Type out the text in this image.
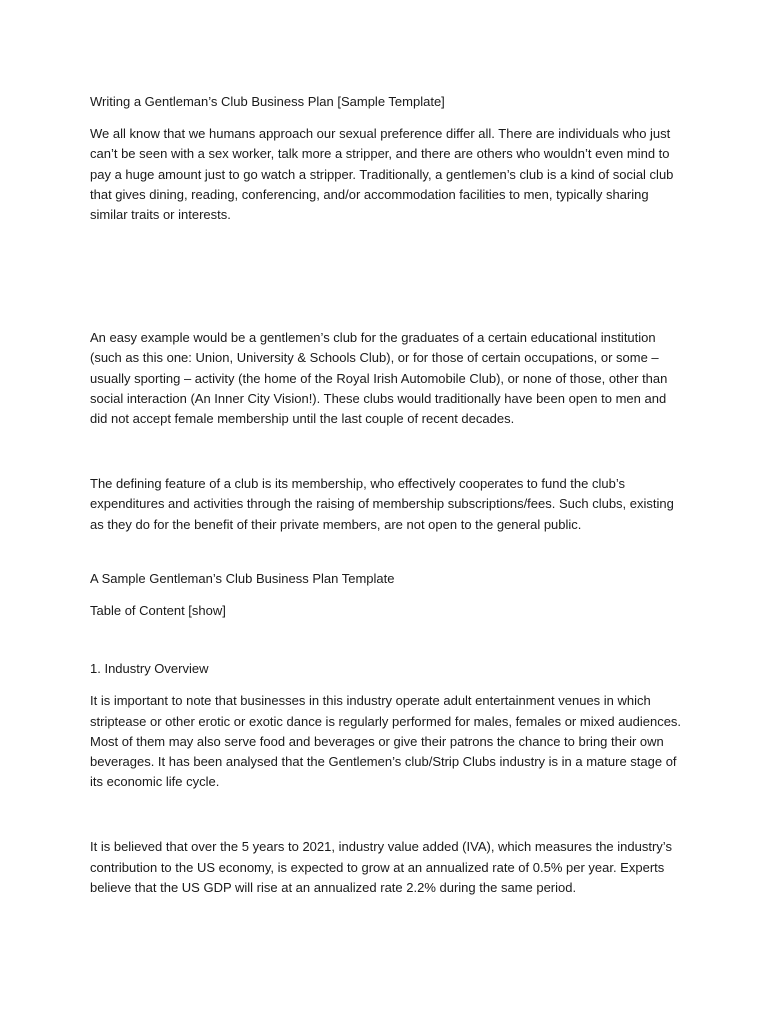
Writing a Gentleman’s Club Business Plan [Sample Template]

We all know that we humans approach our sexual preference differ all. There are individuals who just can’t be seen with a sex worker, talk more a stripper, and there are others who wouldn’t even mind to pay a huge amount just to go watch a stripper. Traditionally, a gentlemen’s club is a kind of social club that gives dining, reading, conferencing, and/or accommodation facilities to men, typically sharing similar traits or interests.

An easy example would be a gentlemen’s club for the graduates of a certain educational institution (such as this one: Union, University & Schools Club), or for those of certain occupations, or some – usually sporting – activity (the home of the Royal Irish Automobile Club), or none of those, other than social interaction (An Inner City Vision!). These clubs would traditionally have been open to men and did not accept female membership until the last couple of recent decades.

The defining feature of a club is its membership, who effectively cooperates to fund the club’s expenditures and activities through the raising of membership subscriptions/fees. Such clubs, existing as they do for the benefit of their private members, are not open to the general public.

A Sample Gentleman’s Club Business Plan Template

Table of Content [show]

1. Industry Overview

It is important to note that businesses in this industry operate adult entertainment venues in which striptease or other erotic or exotic dance is regularly performed for males, females or mixed audiences. Most of them may also serve food and beverages or give their patrons the chance to bring their own beverages. It has been analysed that the Gentlemen’s club/Strip Clubs industry is in a mature stage of its economic life cycle.

It is believed that over the 5 years to 2021, industry value added (IVA), which measures the industry’s contribution to the US economy, is expected to grow at an annualized rate of 0.5% per year. Experts believe that the US GDP will rise at an annualized rate 2.2% during the same period.
